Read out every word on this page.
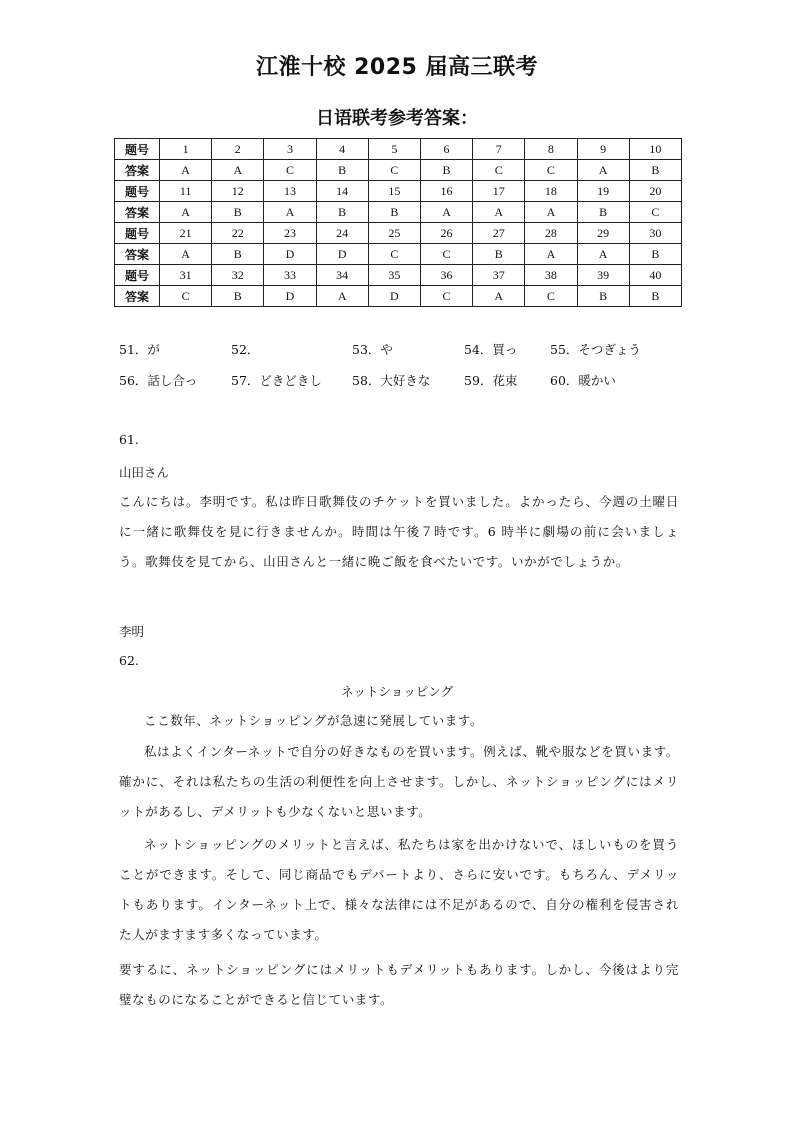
江淮十校 2025 届高三联考
日语联考参考答案：
题号	1	2	3	4	5	6	7	8	9	10
答案	A	A	C	B	C	B	C	C	A	B
题号	11	12	13	14	15	16	17	18	19	20
答案	A	B	A	B	B	A	A	A	B	C
题号	21	22	23	24	25	26	27	28	29	30
答案	A	B	D	D	C	C	B	A	A	B
题号	31	32	33	34	35	36	37	38	39	40
答案	C	B	D	A	D	C	A	C	B	B
51．が	52．	53．や	54．買っ	55．そつぎょう
56．話し合っ	57．どきどきし 58．大好きな	59．花束	60．暖かい
61.
山田さん
こんにちは。李明です。私は昨日歌舞伎のチケットを買いました。よかったら、今週の土曜日に一緒に歌舞伎を見に行きませんか。時間は午後７時です。6 時半に劇場の前に会いましょう。歌舞伎を見てから、山田さんと一緒に晩ご飯を食べたいです。いかがでしょうか。
李明
62.
ネットショッピング
ここ数年、ネットショッピングが急速に発展しています。
私はよくインターネットで自分の好きなものを買います。例えば、靴や服などを買います。確かに、それは私たちの生活の利便性を向上させます。しかし、ネットショッピングにはメリットがあるし、デメリットも少なくないと思います。
ネットショッピングのメリットと言えば、私たちは家を出かけないで、ほしいものを買うことができます。そして、同じ商品でもデパートより、さらに安いです。もちろん、デメリットもあります。インターネット上で、様々な法律には不足があるので、自分の権利を侵害された人がますます多くなっています。
要するに、ネットショッピングにはメリットもデメリットもあります。しかし、今後はより完璧なものになることができると信じています。
